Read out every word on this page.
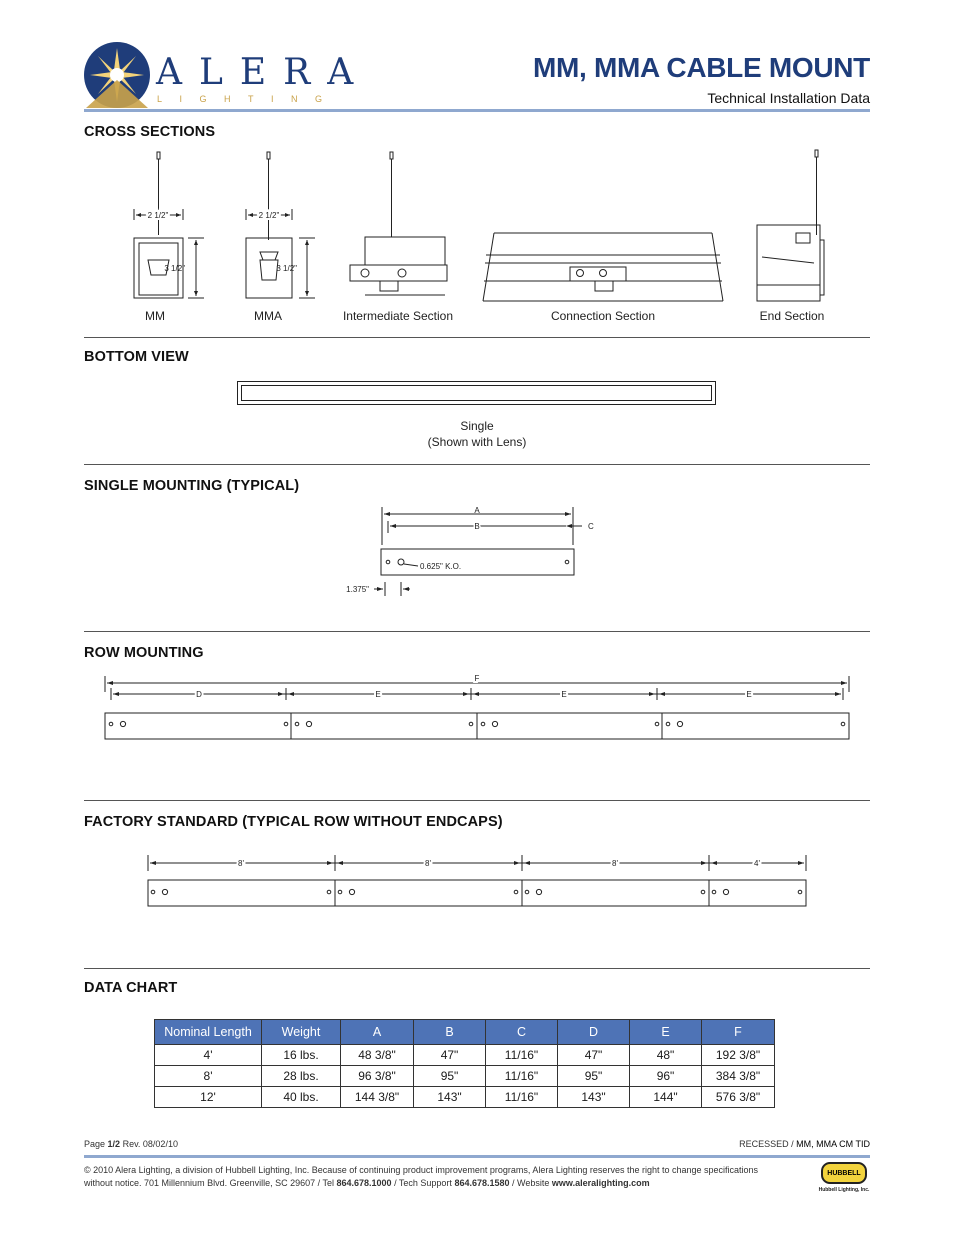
ALERA
LIGHTING
MM, MMA CABLE MOUNT
Technical Installation Data
CROSS SECTIONS
2 1/2"
3 1/2"
2 1/2"
3 1/2"
MM	MMA	Intermediate Section	Connection Section	End Section
BOTTOM VIEW
Single
(Shown with Lens)
SINGLE MOUNTING (TYPICAL)
A
B	C
0.625" K.O.
1.375"
ROW MOUNTING
F
D	E	E	E
FACTORY STANDARD (TYPICAL ROW WITHOUT ENDCAPS)
8'	8'	8'	4'
DATA CHART
Nominal Length	Weight	A	B	C	D	E	F
4'	16 lbs.	48 3/8"	47"	11/16"	47"	48"	192 3/8"
8'	28 lbs.	96 3/8"	95"	11/16"	95"	96"	384 3/8"
12'	40 lbs.	144 3/8"	143"	11/16"	143"	144"	576 3/8"
Page 1/2 Rev. 08/02/10	RECESSED / MM, MMA CM TID
© 2010 Alera Lighting, a division of Hubbell Lighting, Inc. Because of continuing product improvement programs, Alera Lighting reserves the right to change specifications
without notice. 701 Millennium Blvd. Greenville, SC 29607 / Tel 864.678.1000 / Tech Support 864.678.1580 / Website www.aleralighting.com
HUBBELL
Hubbell Lighting, Inc.
